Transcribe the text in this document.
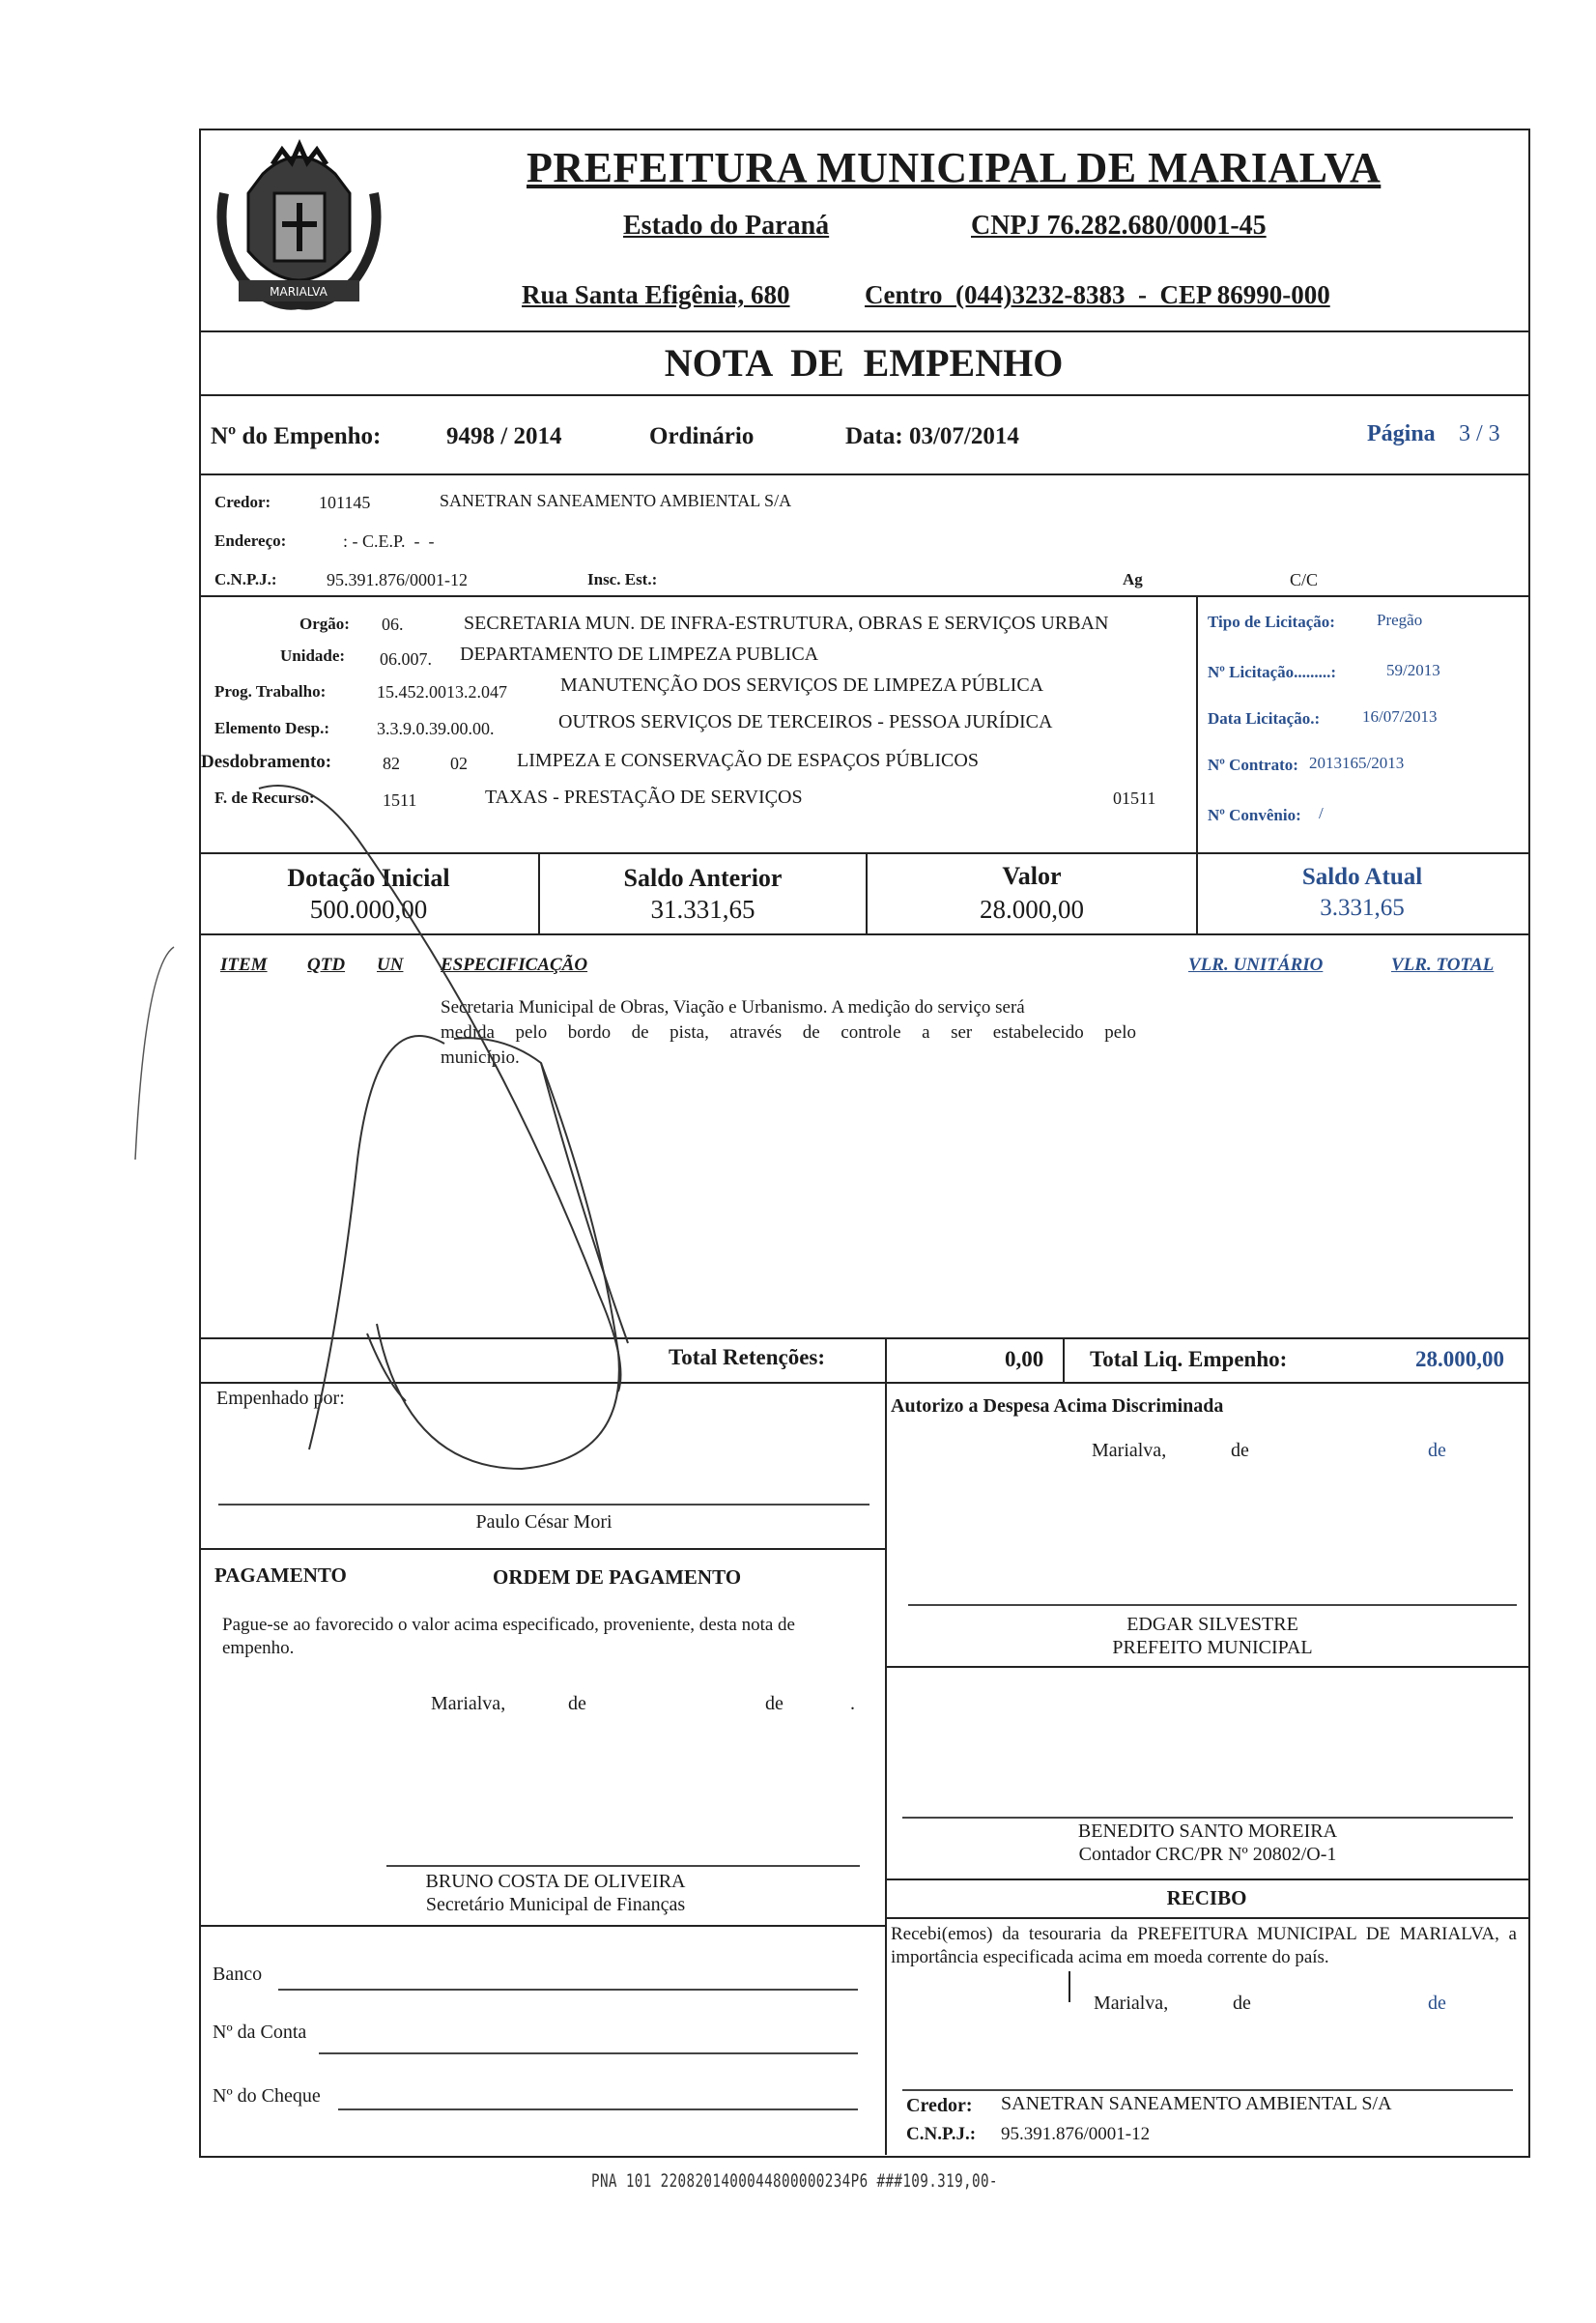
MARIALVA
PREFEITURA MUNICIPAL DE MARIALVA
Estado do Paraná	CNPJ 76.282.680/0001-45
Rua Santa Efigênia, 680	Centro  (044)3232-8383  -  CEP 86990-000
NOTA  DE  EMPENHO
Nº do Empenho:	9498 / 2014	Ordinário	Data: 03/07/2014	Página 3 / 3
Credor:	101145	SANETRAN SANEAMENTO AMBIENTAL S/A
Endereço:	: - C.E.P.  -  -
C.N.P.J.:	95.391.876/0001-12	Insc. Est.:	Ag	C/C
Orgão: 06.	SECRETARIA MUN. DE INFRA-ESTRUTURA, OBRAS E SERVIÇOS URBAN
Unidade: 06.007. DEPARTAMENTO DE LIMPEZA PUBLICA
Prog. Trabalho:	15.452.0013.2.047	MANUTENÇÃO DOS SERVIÇOS DE LIMPEZA PÚBLICA
Elemento Desp.:	3.3.9.0.39.00.00.	OUTROS SERVIÇOS DE TERCEIROS - PESSOA JURÍDICA
Desdobramento:	82	02	LIMPEZA E CONSERVAÇÃO DE ESPAÇOS PÚBLICOS
F. de Recurso:	1511	TAXAS - PRESTAÇÃO DE SERVIÇOS	01511
Tipo de Licitação:	Pregão
Nº Licitação.........:	59/2013
Data Licitação.:	16/07/2013
Nº Contrato: 2013165/2013
Nº Convênio: /
Dotação Inicial
500.000,00
Saldo Anterior
31.331,65
Valor
28.000,00
Saldo Atual
3.331,65
ITEM QTD UN ESPECIFICAÇÃO	VLR. UNITÁRIO	VLR. TOTAL
Secretaria Municipal de Obras, Viação e Urbanismo. A medição do serviço será
medida pelo bordo de pista, através de controle a ser estabelecido pelo
município.
Total Retenções:	0,00 Total Liq. Empenho:	28.000,00
Empenhado por:
Paulo César Mori
Autorizo a Despesa Acima Discriminada
Marialva,	de	de
PAGAMENTO	ORDEM DE PAGAMENTO
Pague-se ao favorecido o valor acima especificado, proveniente, desta nota de empenho.
Marialva,	de	de	.
BRUNO COSTA DE OLIVEIRA
Secretário Municipal de Finanças
Banco
Nº da Conta
Nº do Cheque
EDGAR SILVESTRE
PREFEITO MUNICIPAL
BENEDITO SANTO MOREIRA
Contador CRC/PR Nº 20802/O-1
RECIBO
Recebi(emos) da tesouraria da PREFEITURA MUNICIPAL DE MARIALVA, a importância especificada acima em moeda corrente do país.
Marialva,	de	de
Credor: SANETRAN SANEAMENTO AMBIENTAL S/A
C.N.P.J.: 95.391.876/0001-12
PNA 101 2208201400044800000234P6 ###109.319,00-
